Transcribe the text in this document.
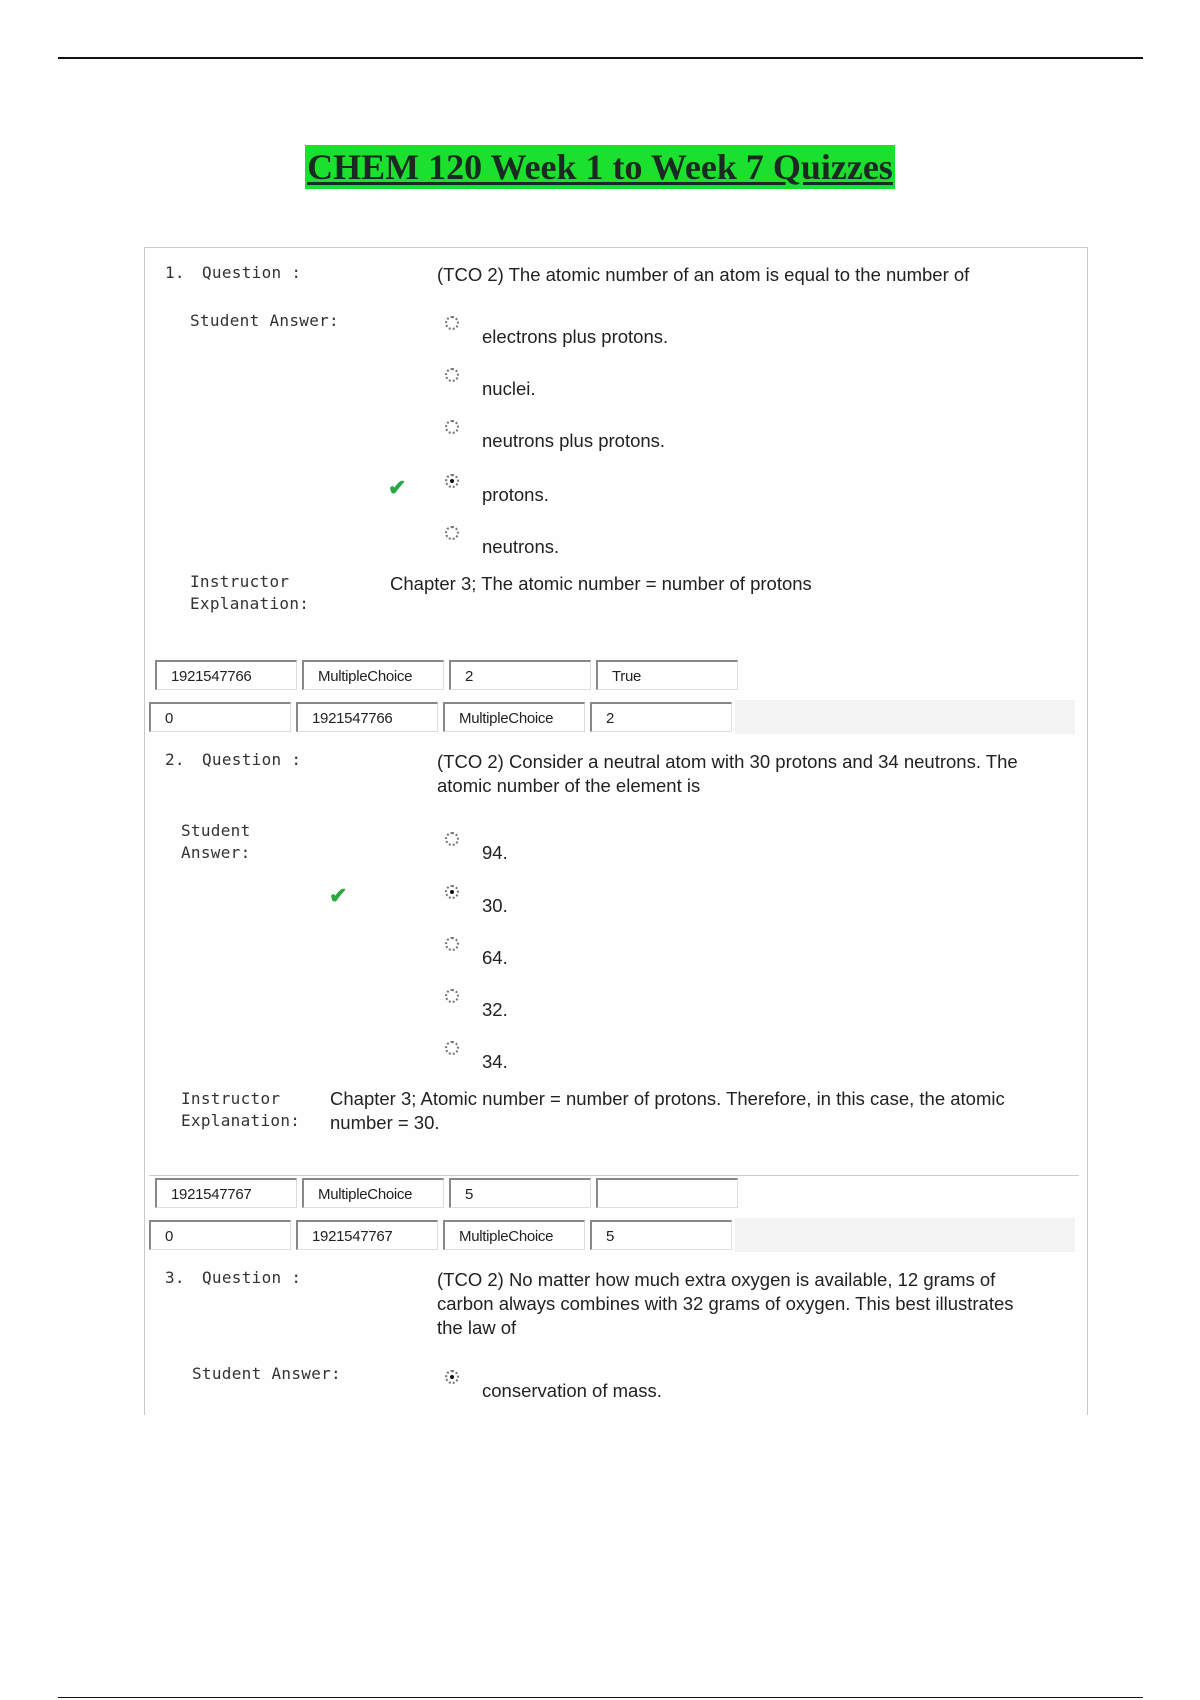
CHEM 120 Week 1 to Week 7 Quizzes
1. Question :	(TCO 2) The atomic number of an atom is equal to the number of
Student Answer:
electrons plus protons.
nuclei.
neutrons plus protons.
✔	protons.
neutrons.
Instructor
Explanation:
Chapter 3; The atomic number = number of protons
1921547766	MultipleChoice	2	True
0	1921547766	MultipleChoice	2
2. Question :	(TCO 2) Consider a neutral atom with 30 protons and 34 neutrons. The
atomic number of the element is
Student
Answer:	94.
✔	30.
64.
32.
34.
Instructor
Explanation:
Chapter 3; Atomic number = number of protons. Therefore, in this case, the atomic
number = 30.
1921547767	MultipleChoice	5
0	1921547767	MultipleChoice	5
3. Question :	(TCO 2) No matter how much extra oxygen is available, 12 grams of
carbon always combines with 32 grams of oxygen. This best illustrates
the law of
Student Answer:
conservation of mass.
